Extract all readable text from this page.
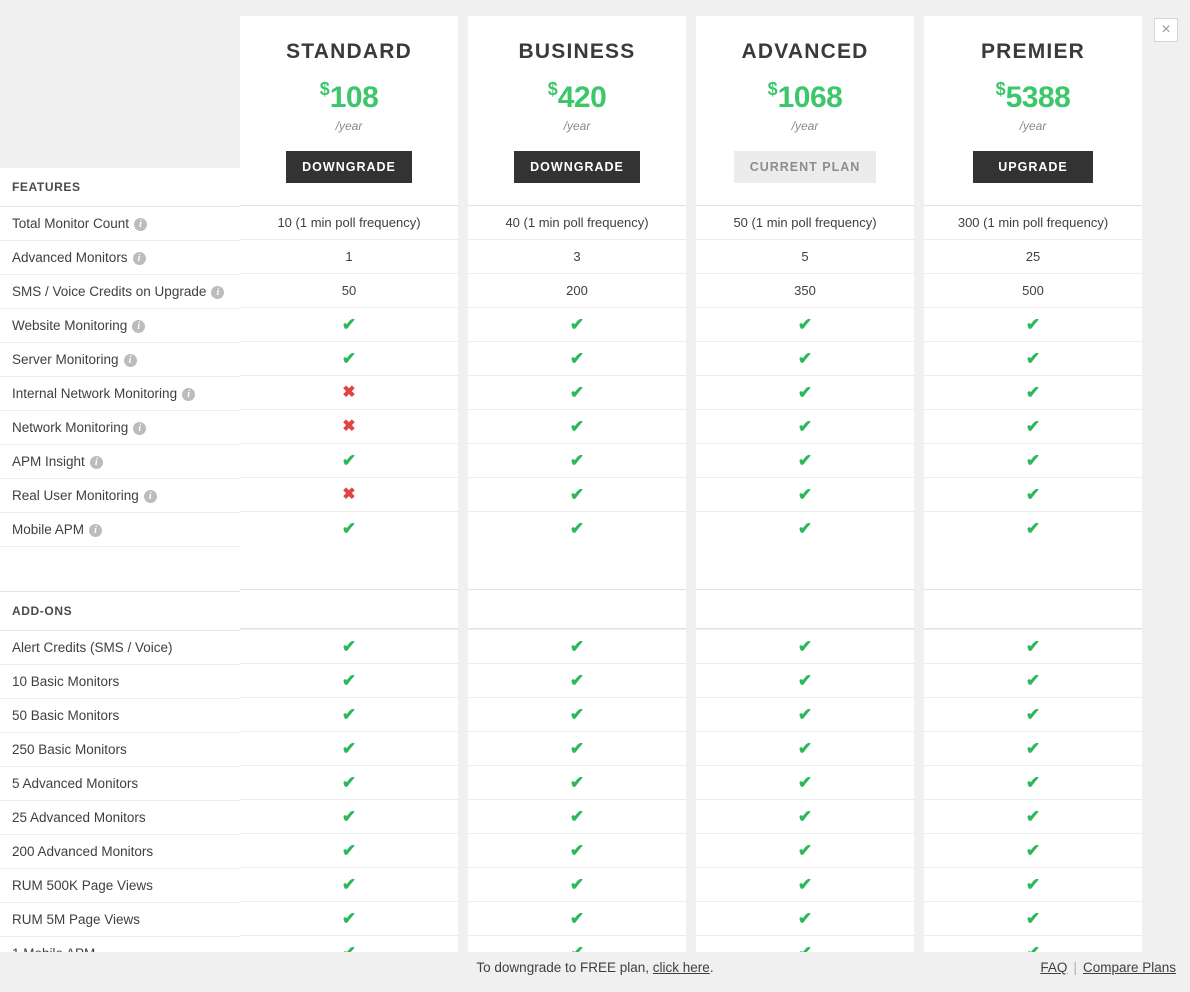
×
FEATURES
Total Monitor Count i
Advanced Monitors i
SMS / Voice Credits on Upgrade i
Website Monitoring i
Server Monitoring i
Internal Network Monitoring i
Network Monitoring i
APM Insight i
Real User Monitoring i
Mobile APM i
ADD-ONS
Alert Credits (SMS / Voice)
10 Basic Monitors
50 Basic Monitors
250 Basic Monitors
5 Advanced Monitors
25 Advanced Monitors
200 Advanced Monitors
RUM 500K Page Views
RUM 5M Page Views
STANDARD
$108
/year
DOWNGRADE
10 (1 min poll frequency)
1
50
✔
✔
✖
✖
✔
✖
✔
✔
✔
✔
✔
✔
✔
✔
✔
✔
BUSINESS
$420
/year
DOWNGRADE
40 (1 min poll frequency)
3
200
✔
✔
✔
✔
✔
✔
✔
✔
✔
✔
✔
✔
✔
✔
✔
✔
ADVANCED
$1068
/year
CURRENT PLAN
50 (1 min poll frequency)
5
350
✔
✔
✔
✔
✔
✔
✔
✔
✔
✔
✔
✔
✔
✔
✔
✔
PREMIER
$5388
/year
UPGRADE
300 (1 min poll frequency)
25
500
✔
✔
✔
✔
✔
✔
✔
✔
✔
✔
✔
✔
✔
✔
✔
✔
To downgrade to FREE plan, click here.	FAQ | Compare Plans
